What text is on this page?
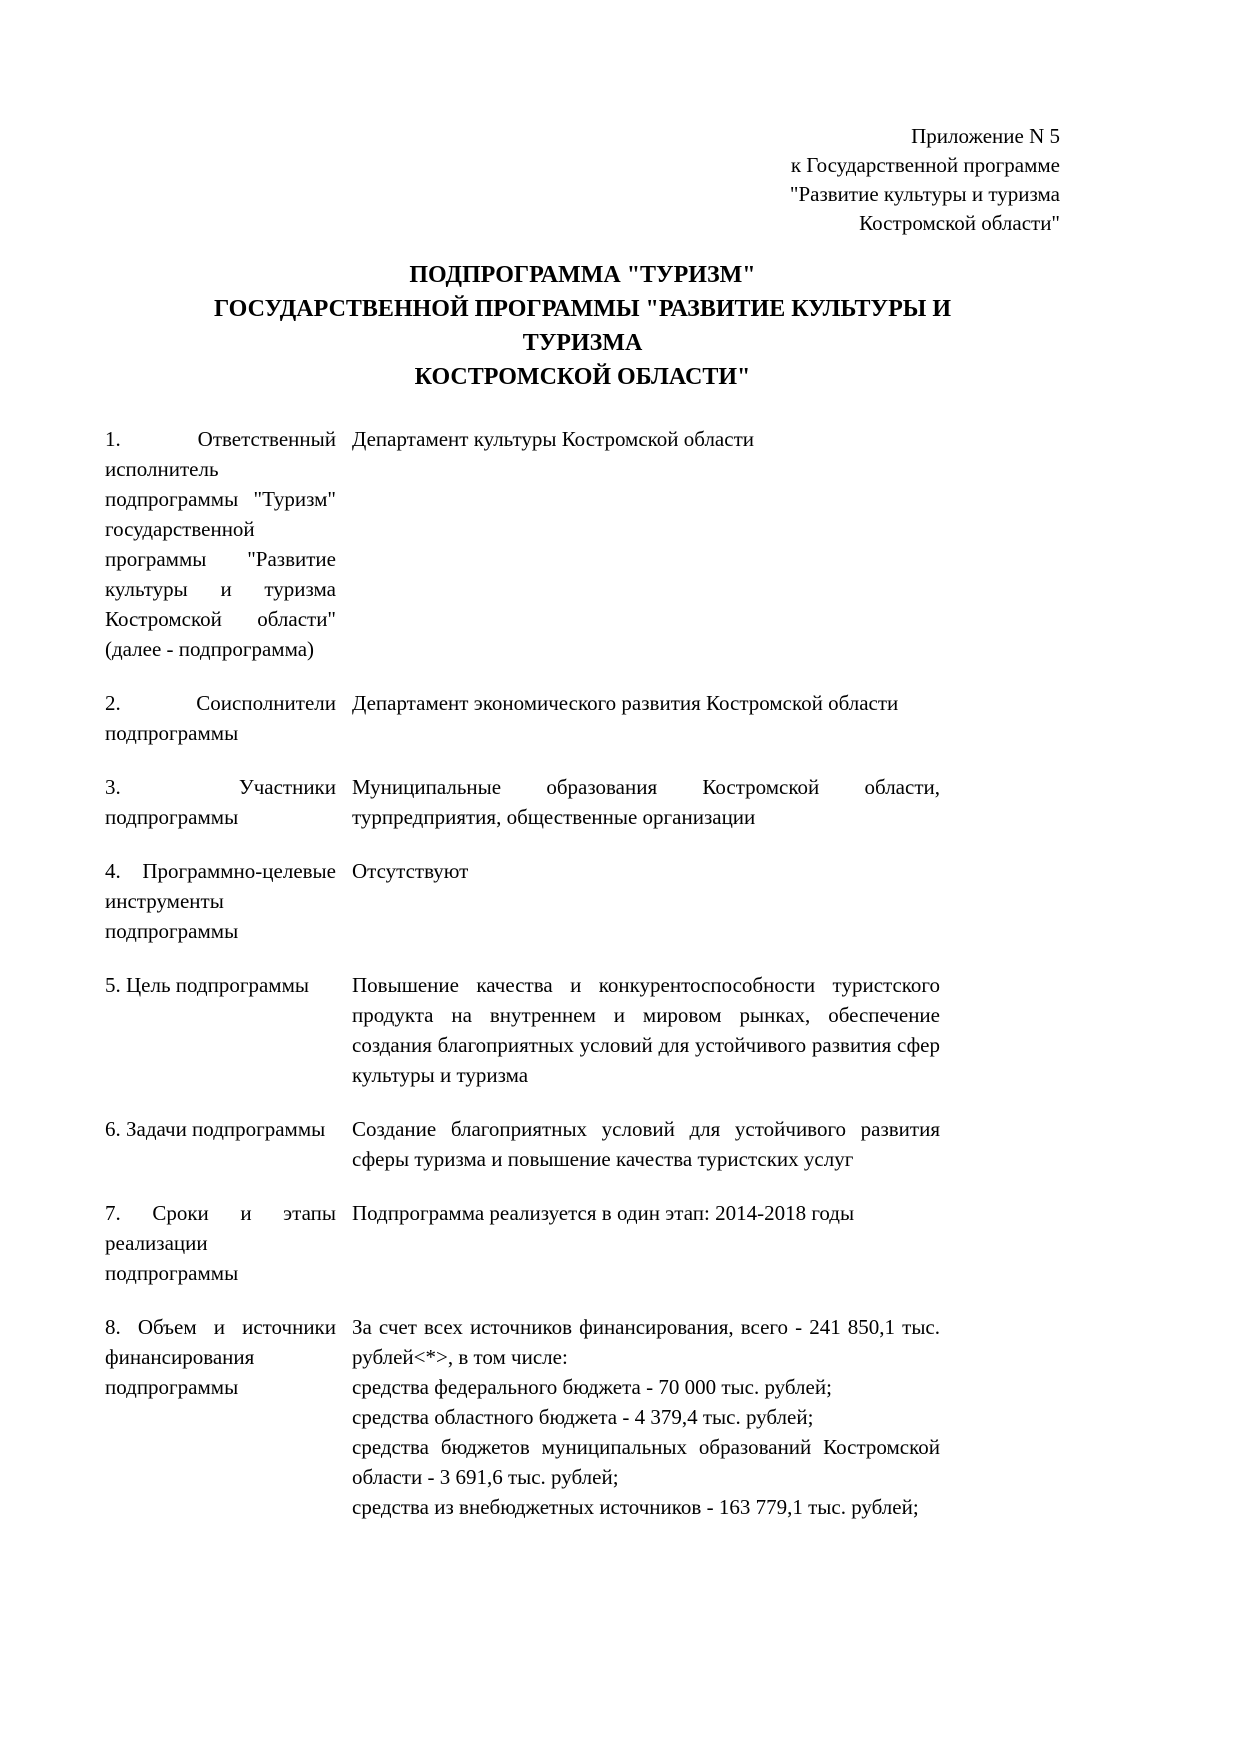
Приложение N 5
к Государственной программе
"Развитие культуры и туризма
Костромской области"
ПОДПРОГРАММА "ТУРИЗМ"
ГОСУДАРСТВЕННОЙ ПРОГРАММЫ "РАЗВИТИЕ КУЛЬТУРЫ И
ТУРИЗМА
КОСТРОМСКОЙ ОБЛАСТИ"
1. Ответственный исполнитель подпрограммы "Туризм" государственной программы "Развитие культуры и туризма Костромской области" (далее - подпрограмма)

Департамент культуры Костромской области

2. Соисполнители подпрограммы

Департамент экономического развития Костромской области

3. Участники подпрограммы

Муниципальные образования Костромской области, турпредприятия, общественные организации

4. Программно-целевые инструменты подпрограммы

Отсутствуют

5. Цель подпрограммы	Повышение качества и конкурентоспособности туристского продукта на внутреннем и мировом рынках, обеспечение создания благоприятных условий для устойчивого развития сфер культуры и туризма

6. Задачи подпрограммы	Создание благоприятных условий для устойчивого развития сферы туризма и повышение качества туристских услуг

7. Сроки и этапы реализации подпрограммы

Подпрограмма реализуется в один этап: 2014-2018 годы

8. Объем и источники финансирования подпрограммы

За счет всех источников финансирования, всего - 241 850,1 тыс. рублей<*>, в том числе:

средства федерального бюджета - 70 000 тыс. рублей;

средства областного бюджета - 4 379,4 тыс. рублей;

средства бюджетов муниципальных образований Костромской области - 3 691,6 тыс. рублей;

средства из внебюджетных источников - 163 779,1 тыс. рублей;
